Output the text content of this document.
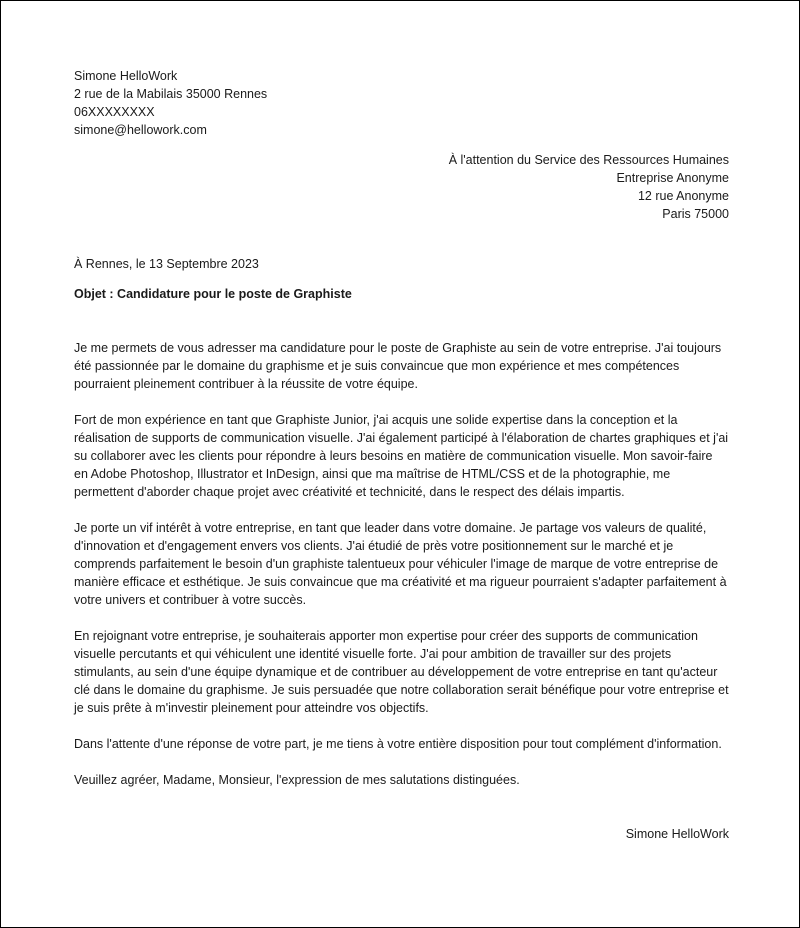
Simone HelloWork
2 rue de la Mabilais 35000 Rennes
06XXXXXXXX
simone@hellowork.com
À l'attention du Service des Ressources Humaines
Entreprise Anonyme
12 rue Anonyme
Paris 75000
À Rennes, le 13 Septembre 2023
Objet : Candidature pour le poste de Graphiste

Je me permets de vous adresser ma candidature pour le poste de Graphiste au sein de votre entreprise. J'ai toujours été passionnée par le domaine du graphisme et je suis convaincue que mon expérience et mes compétences pourraient pleinement contribuer à la réussite de votre équipe.

Fort de mon expérience en tant que Graphiste Junior, j'ai acquis une solide expertise dans la conception et la réalisation de supports de communication visuelle. J'ai également participé à l'élaboration de chartes graphiques et j'ai su collaborer avec les clients pour répondre à leurs besoins en matière de communication visuelle. Mon savoir-faire en Adobe Photoshop, Illustrator et InDesign, ainsi que ma maîtrise de HTML/CSS et de la photographie, me permettent d'aborder chaque projet avec créativité et technicité, dans le respect des délais impartis.

Je porte un vif intérêt à votre entreprise, en tant que leader dans votre domaine. Je partage vos valeurs de qualité, d'innovation et d'engagement envers vos clients. J'ai étudié de près votre positionnement sur le marché et je comprends parfaitement le besoin d'un graphiste talentueux pour véhiculer l'image de marque de votre entreprise de manière efficace et esthétique. Je suis convaincue que ma créativité et ma rigueur pourraient s'adapter parfaitement à votre univers et contribuer à votre succès.

En rejoignant votre entreprise, je souhaiterais apporter mon expertise pour créer des supports de communication visuelle percutants et qui véhiculent une identité visuelle forte. J'ai pour ambition de travailler sur des projets stimulants, au sein d'une équipe dynamique et de contribuer au développement de votre entreprise en tant qu'acteur clé dans le domaine du graphisme. Je suis persuadée que notre collaboration serait bénéfique pour votre entreprise et je suis prête à m'investir pleinement pour atteindre vos objectifs.

Dans l'attente d'une réponse de votre part, je me tiens à votre entière disposition pour tout complément d'information.

Veuillez agréer, Madame, Monsieur, l'expression de mes salutations distinguées.

Simone HelloWork
